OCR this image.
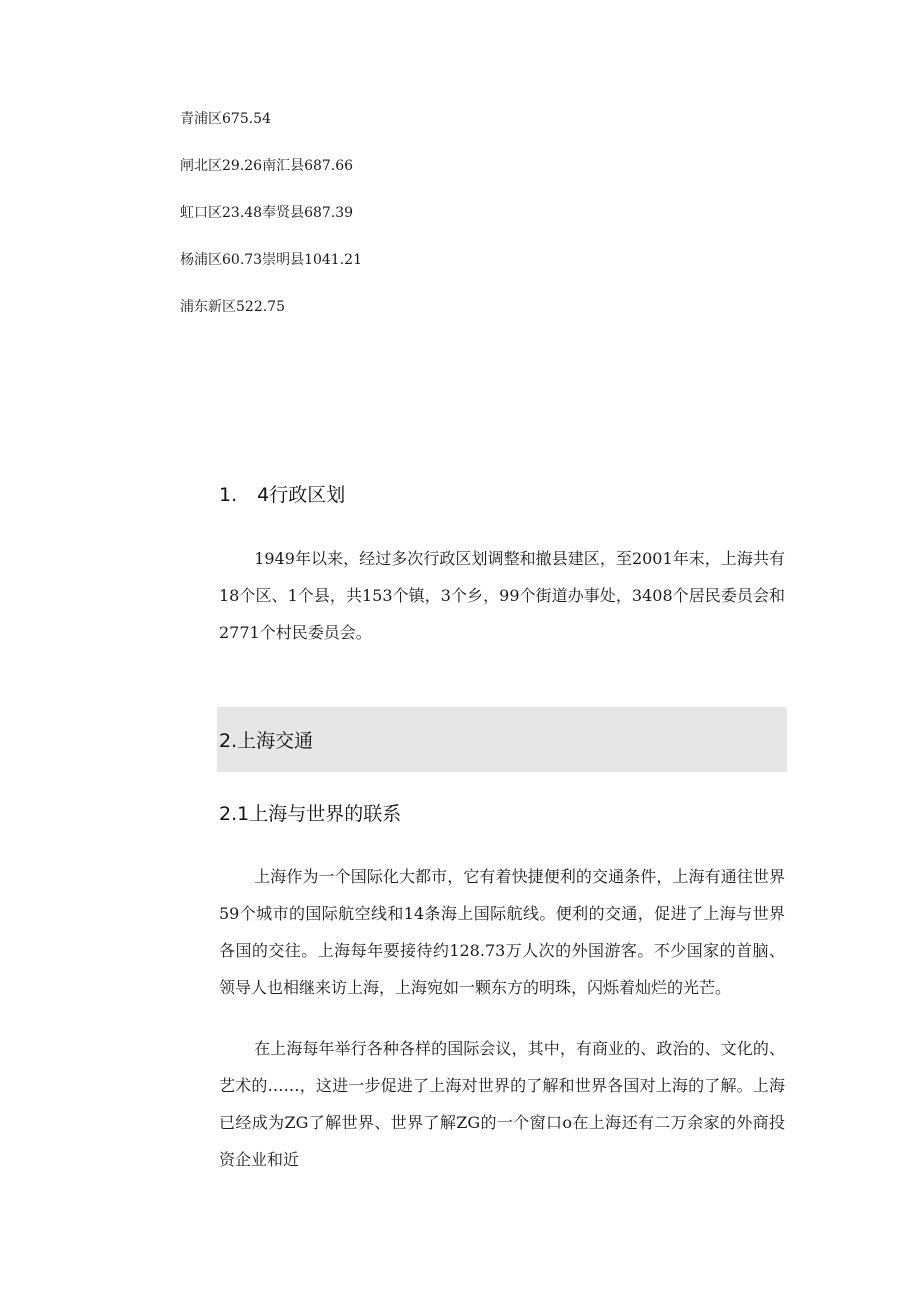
青浦区675.54
闸北区29.26南汇县687.66
虹口区23.48奉贤县687.39
杨浦区60.73崇明县1041.21
浦东新区522.75
1. 4行政区划

1949年以来，经过多次行政区划调整和撤县建区，至2001年末，上海共有18个区、1个县，共153个镇，3个乡，99个街道办事处，3408个居民委员会和2771个村民委员会。

2.上海交通
2.1上海与世界的联系

上海作为一个国际化大都市，它有着快捷便利的交通条件，上海有通往世界59个城市的国际航空线和14条海上国际航线。便利的交通，促进了上海与世界各国的交往。上海每年要接待约128.73万人次的外国游客。不少国家的首脑、领导人也相继来访上海，上海宛如一颗东方的明珠，闪烁着灿烂的光芒。

在上海每年举行各种各样的国际会议，其中，有商业的、政治的、文化的、艺术的……，这进一步促进了上海对世界的了解和世界各国对上海的了解。上海已经成为ZG了解世界、世界了解ZG的一个窗口o在上海还有二万余家的外商投资企业和近
